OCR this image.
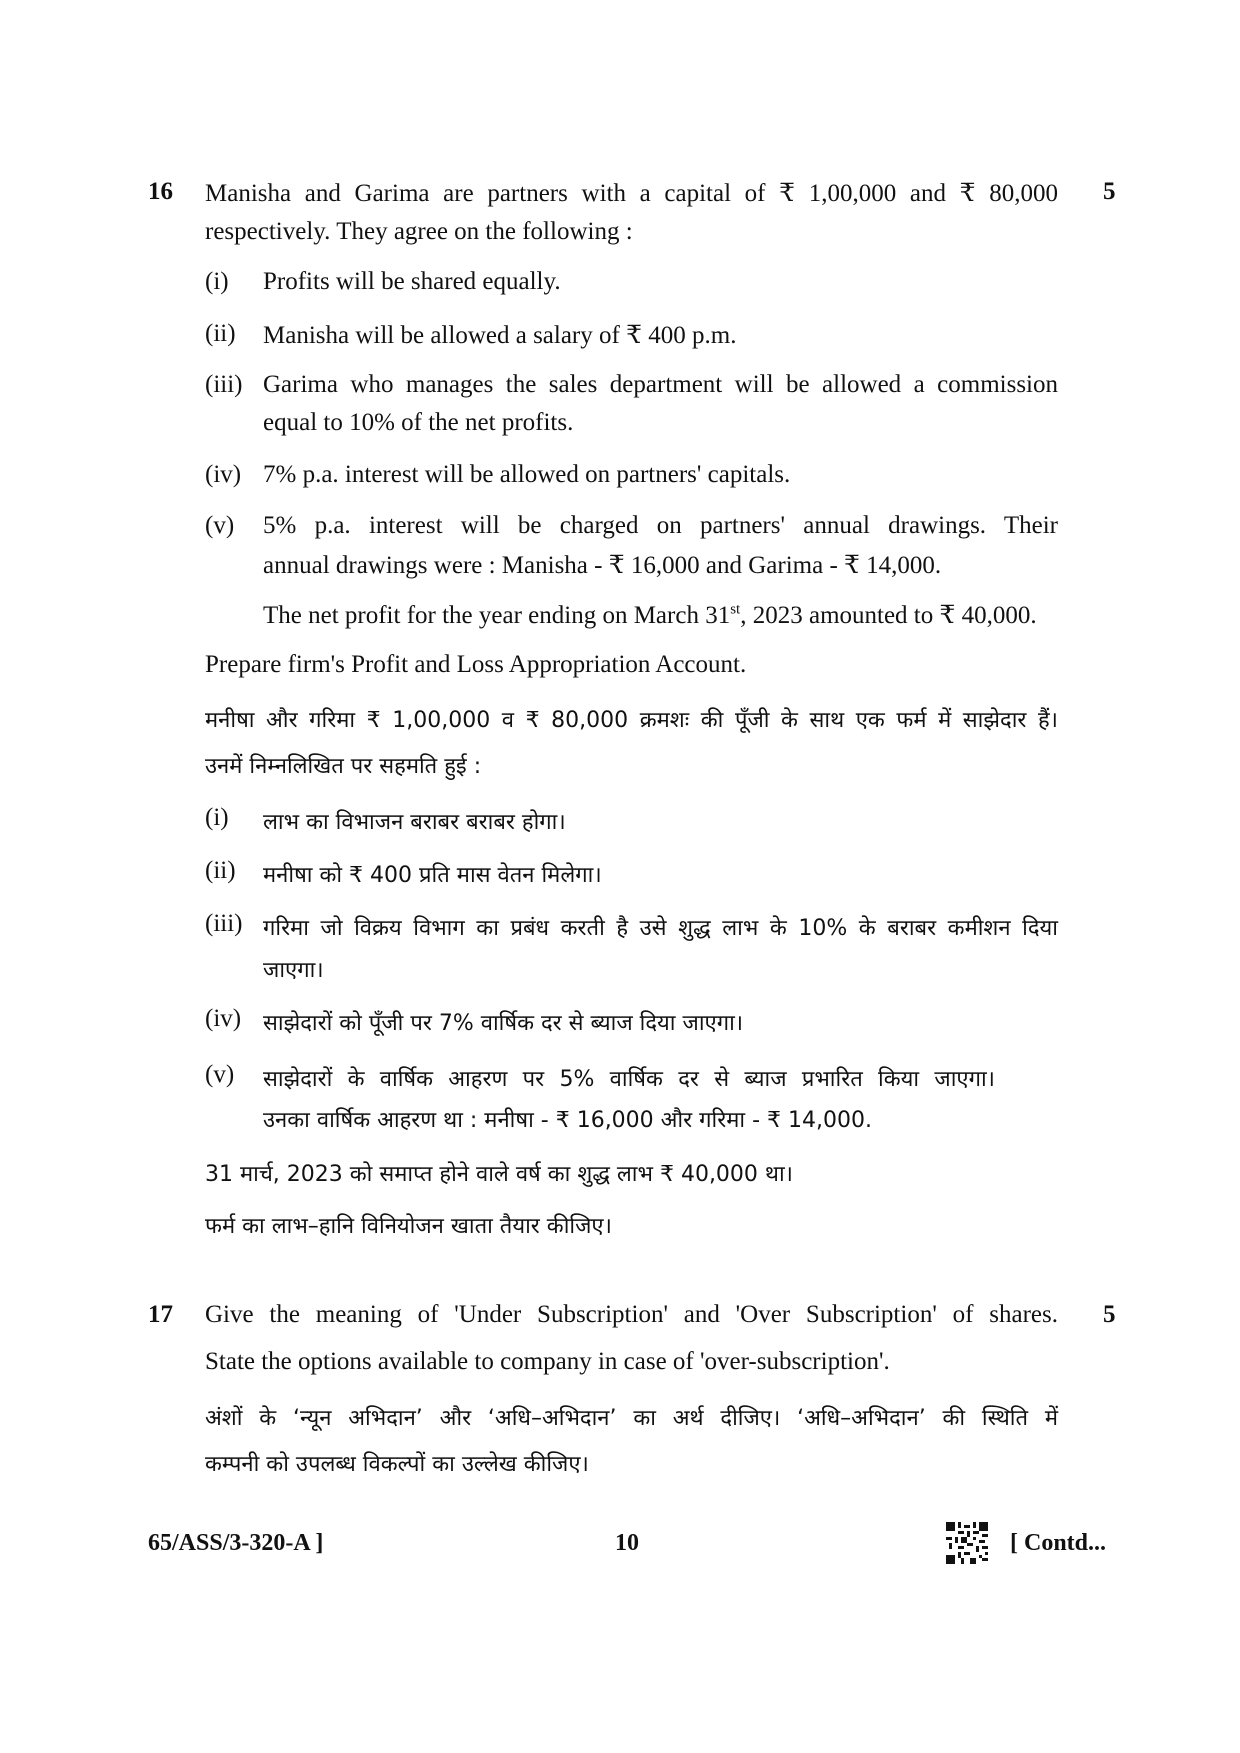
16	5
Manisha and Garima are partners with a capital of ₹ 1,00,000 and ₹ 80,000
respectively. They agree on the following :
(i) Profits will be shared equally.
(ii) Manisha will be allowed a salary of ₹ 400 p.m.
(iii) Garima who manages the sales department will be allowed a commission
equal to 10% of the net profits.
(iv) 7% p.a. interest will be allowed on partners' capitals.
(v) 5% p.a. interest will be charged on partners' annual drawings. Their
annual drawings were : Manisha - ₹ 16,000 and Garima - ₹ 14,000.
The net profit for the year ending on March 31st, 2023 amounted to ₹ 40,000.
Prepare firm's Profit and Loss Appropriation Account.
मनीषा और गरिमा ₹ 1,00,000 व ₹ 80,000 क्रमशः की पूँजी के साथ एक फर्म में साझेदार हैं।
उनमें निम्नलिखित पर सहमति हुई :
(i) लाभ का विभाजन बराबर बराबर होगा।
(ii) मनीषा को ₹ 400 प्रति मास वेतन मिलेगा।
(iii) गरिमा जो विक्रय विभाग का प्रबंध करती है उसे शुद्ध लाभ के 10% के बराबर कमीशन दिया
जाएगा।
(iv) साझेदारों को पूँजी पर 7% वार्षिक दर से ब्याज दिया जाएगा।
(v) साझेदारों के वार्षिक आहरण पर 5% वार्षिक दर से ब्याज प्रभारित किया जाएगा।
उनका वार्षिक आहरण था : मनीषा - ₹ 16,000 और गरिमा - ₹ 14,000.
31 मार्च, 2023 को समाप्त होने वाले वर्ष का शुद्ध लाभ ₹ 40,000 था।
फर्म का लाभ–हानि विनियोजन खाता तैयार कीजिए।
17	5
Give the meaning of 'Under Subscription' and 'Over Subscription' of shares.
State the options available to company in case of 'over-subscription'.
अंशों के ‘न्यून अभिदान’ और ‘अधि–अभिदान’ का अर्थ दीजिए। ‘अधि–अभिदान’ की स्थिति में
कम्पनी को उपलब्ध विकल्पों का उल्लेख कीजिए।
65/ASS/3-320-A ]	10	[ Contd...
